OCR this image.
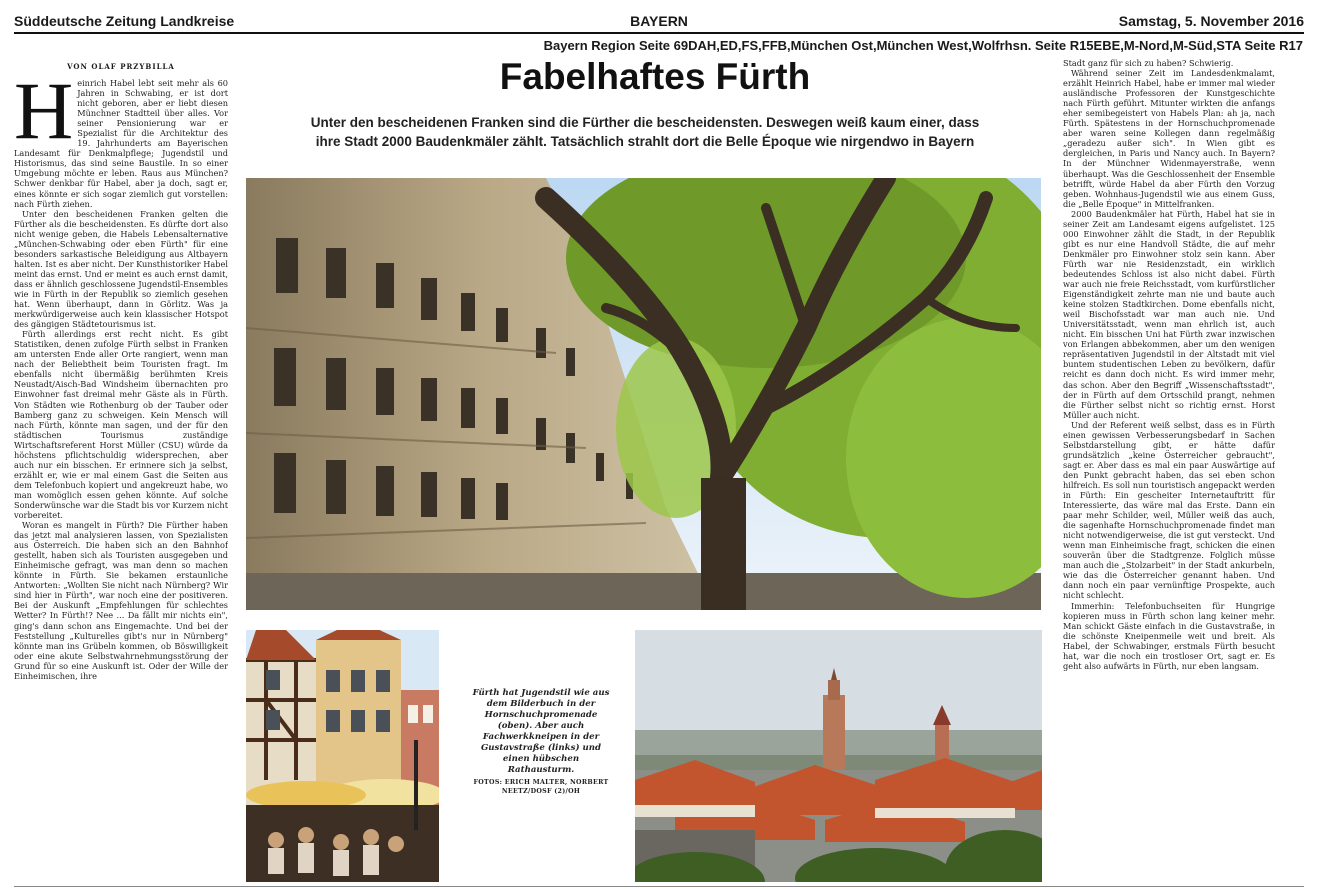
Süddeutsche Zeitung Landkreise	BAYERN	Samstag, 5. November 2016
Bayern Region Seite 69DAH,ED,FS,FFB,München Ost,München West,Wolfrhsn. Seite R15EBE,M-Nord,M-Süd,STA Seite R17
VON OLAF PRZYBILLA
H einrich Habel lebt seit mehr als 60 Jahren in Schwabing, er ist dort nicht geboren, aber er liebt diesen Münchner Stadtteil über alles. Vor seiner Pensionierung war er Spezialist für die Architektur des 19. Jahrhunderts am Bayerischen Landesamt für Denkmalpflege; Jugendstil und Historismus, das sind seine Baustile. In so einer Umgebung möchte er leben. Raus aus München? Schwer denkbar für Habel, aber ja doch, sagt er, eines könnte er sich sogar ziemlich gut vorstellen: nach Fürth ziehen.

Unter den bescheidenen Franken gelten die Fürther als die bescheidensten. Es dürfte dort also nicht wenige geben, die Habels Lebensalternative „München-Schwabing oder eben Fürth" für eine besonders sarkastische Beleidigung aus Altbayern halten. Ist es aber nicht. Der Kunsthistoriker Habel meint das ernst. Und er meint es auch ernst damit, dass er ähnlich geschlossene Jugendstil-Ensembles wie in Fürth in der Republik so ziemlich gesehen hat. Wenn überhaupt, dann in Görlitz. Was ja merkwürdigerweise auch kein klassischer Hotspot des gängigen Städtetourismus ist.

Fürth allerdings erst recht nicht. Es gibt Statistiken, denen zufolge Fürth selbst in Franken am untersten Ende aller Orte rangiert, wenn man nach der Beliebtheit beim Touristen fragt. Im ebenfalls nicht übermäßig berühmten Kreis Neustadt/Aisch-Bad Windsheim übernachten pro Einwohner fast dreimal mehr Gäste als in Fürth. Von Städten wie Rothenburg ob der Tauber oder Bamberg ganz zu schweigen. Kein Mensch will nach Fürth, könnte man sagen, und der für den städtischen Tourismus zuständige Wirtschaftsreferent Horst Müller (CSU) würde da höchstens pflichtschuldig widersprechen, aber auch nur ein bisschen. Er erinnere sich ja selbst, erzählt er, wie er mal einem Gast die Seiten aus dem Telefonbuch kopiert und angekreuzt habe, wo man womöglich essen gehen könnte. Auf solche Sonderwünsche war die Stadt bis vor Kurzem nicht vorbereitet.

Woran es mangelt in Fürth? Die Fürther haben das jetzt mal analysieren lassen, von Spezialisten aus Österreich. Die haben sich an den Bahnhof gestellt, haben sich als Touristen ausgegeben und Einheimische gefragt, was man denn so machen könnte in Fürth. Sie bekamen erstaunliche Antworten: „Wollten Sie nicht nach Nürnberg? Wir sind hier in Fürth", war noch eine der positiveren. Bei der Auskunft „Empfehlungen für schlechtes Wetter? In Fürth!? Nee ... Da fällt mir nichts ein", ging's dann schon ans Eingemachte. Und bei der Feststellung „Kulturelles gibt's nur in Nürnberg" könnte man ins Grübeln kommen, ob Böswilligkeit oder eine akute Selbstwahrnehmungsstörung der Grund für so eine Auskunft ist. Oder der Wille der Einheimischen, ihre

Fabelhaftes Fürth
Unter den bescheidenen Franken sind die Fürther die bescheidensten. Deswegen weiß kaum einer, dass ihre Stadt 2000 Baudenkmäler zählt. Tatsächlich strahlt dort die Belle Époque wie nirgendwo in Bayern
Fürth hat Jugendstil wie aus dem Bilderbuch in der Hornschuchpromenade (oben). Aber auch Fachwerkkneipen in der Gustavstraße (links) und einen hübschen Rathausturm.
FOTOS: ERICH MALTER, NORBERT NEETZ/DOSF (2)/OH

Stadt ganz für sich zu haben? Schwierig.

Während seiner Zeit im Landesdenkmalamt, erzählt Heinrich Habel, habe er immer mal wieder ausländische Professoren der Kunstgeschichte nach Fürth geführt. Mitunter wirkten die anfangs eher semibegeistert von Habels Plan: ah ja, nach Fürth. Spätestens in der Hornschuchpromenade aber waren seine Kollegen dann regelmäßig „geradezu außer sich". In Wien gibt es dergleichen, in Paris und Nancy auch. In Bayern? In der Münchner Widenmayerstraße, wenn überhaupt. Was die Geschlossenheit der Ensemble betrifft, würde Habel da aber Fürth den Vorzug geben. Wohnhaus-Jugendstil wie aus einem Guss, die „Belle Époque" in Mittelfranken.

2000 Baudenkmäler hat Fürth, Habel hat sie in seiner Zeit am Landesamt eigens aufgelistet. 125 000 Einwohner zählt die Stadt, in der Republik gibt es nur eine Handvoll Städte, die auf mehr Denkmäler pro Einwohner stolz sein kann. Aber Fürth war nie Residenzstadt, ein wirklich bedeutendes Schloss ist also nicht dabei. Fürth war auch nie freie Reichsstadt, vom kurfürstlicher Eigenständigkeit zehrte man nie und baute auch keine stolzen Stadtkirchen. Dome ebenfalls nicht, weil Bischofsstadt war man auch nie. Und Universitätsstadt, wenn man ehrlich ist, auch nicht. Ein bisschen Uni hat Fürth zwar inzwischen von Erlangen abbekommen, aber um den wenigen repräsentativen Jugendstil in der Altstadt mit viel buntem studentischen Leben zu bevölkern, dafür reicht es dann doch nicht. Es wird immer mehr, das schon. Aber den Begriff „Wissenschaftsstadt", der in Fürth auf dem Ortsschild prangt, nehmen die Fürther selbst nicht so richtig ernst. Horst Müller auch nicht.

Und der Referent weiß selbst, dass es in Fürth einen gewissen Verbesserungsbedarf in Sachen Selbstdarstellung gibt, er hätte dafür grundsätzlich „keine Österreicher gebraucht", sagt er. Aber dass es mal ein paar Auswärtige auf den Punkt gebracht haben, das sei eben schon hilfreich. Es soll nun touristisch angepackt werden in Fürth: Ein gescheiter Internetauftritt für Interessierte, das wäre mal das Erste. Dann ein paar mehr Schilder, weil, Müller weiß das auch, die sagenhafte Hornschuchpromenade findet man nicht notwendigerweise, die ist gut versteckt. Und wenn man Einheimische fragt, schicken die einen souverän über die Stadtgrenze. Folglich müsse man auch die „Stolzarbeit" in der Stadt ankurbeln, wie das die Österreicher genannt haben. Und dann noch ein paar vernünftige Prospekte, auch nicht schlecht.

Immerhin: Telefonbuchseiten für Hungrige kopieren muss in Fürth schon lang keiner mehr. Man schickt Gäste einfach in die Gustavstraße, in die schönste Kneipenmeile weit und breit. Als Habel, der Schwabinger, erstmals Fürth besucht hat, war die noch ein trostloser Ort, sagt er. Es geht also aufwärts in Fürth, nur eben langsam.
